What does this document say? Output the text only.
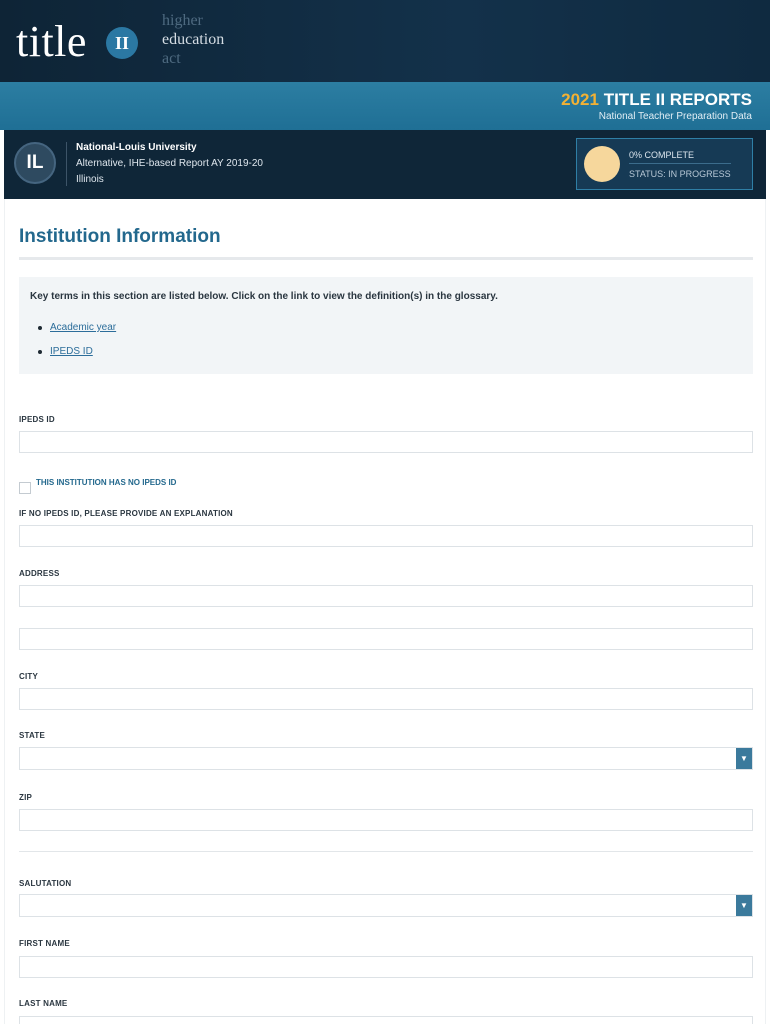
title	II
higher
education
act
2021 TITLE II REPORTS
National Teacher Preparation Data
IL
National-Louis University
Alternative, IHE-based Report AY 2019-20
Illinois
0% COMPLETE
STATUS: IN PROGRESS
Institution Information
Key terms in this section are listed below. Click on the link to view the definition(s) in the glossary.
Academic year
IPEDS ID
IPEDS ID
THIS INSTITUTION HAS NO IPEDS ID
IF NO IPEDS ID, PLEASE PROVIDE AN EXPLANATION
ADDRESS
CITY
STATE
▼
ZIP
SALUTATION
▼
FIRST NAME
LAST NAME
